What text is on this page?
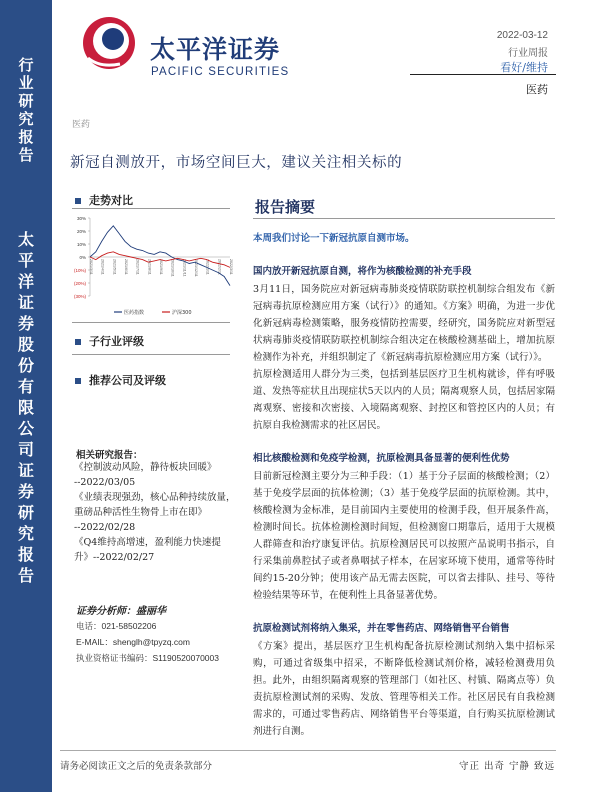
行
业
研
究
报
告
太
平
洋
证
券
股
份
有
限
公
司
证
券
研
究
报
告
太平洋证券
PACIFIC SECURITIES
2022-03-12
行业周报
看好/维持
医药
医药
新冠自测放开，市场空间巨大，建议关注相关标的
走势对比
30%
20%
10%
0%
(10%)
(20%)
(30%)
2021/3/11 2021/4/11 2021/5/11 2021/6/11 2021/7/11 2021/8/11 2021/9/11 2021/10/11 2021/11/11 2021/12/11 2022/1/11 2022/2/11 2022/3/11
医药指数	沪深300
子行业评级
推荐公司及评级
相关研究报告：
《控制波动风险，静待板块回暖》
--2022/03/05
《业绩表现强劲，核心品种持续放量，重磅品种活性生物骨上市在即》
--2022/02/28
《Q4维持高增速，盈利能力快速提升》--2022/02/27
证券分析师：盛丽华
电话：021-58502206
E-MAIL：shenglh@tpyzq.com
执业资格证书编码：S1190520070003
报告摘要
本周我们讨论一下新冠抗原自测市场。
国内放开新冠抗原自测，将作为核酸检测的补充手段

3月11日，国务院应对新冠病毒肺炎疫情联防联控机制综合组发布《新冠病毒抗原检测应用方案（试行）》的通知。《方案》明确，为进一步优化新冠病毒检测策略，服务疫情防控需要，经研究，国务院应对新型冠状病毒肺炎疫情联防联控机制综合组决定在核酸检测基础上，增加抗原检测作为补充，并组织制定了《新冠病毒抗原检测应用方案（试行）》。

抗原检测适用人群分为三类，包括到基层医疗卫生机构就诊，伴有呼吸道、发热等症状且出现症状5天以内的人员；隔离观察人员，包括居家隔离观察、密接和次密接、入境隔离观察、封控区和管控区内的人员；有抗原自我检测需求的社区居民。

相比核酸检测和免疫学检测，抗原检测具备显著的便利性优势

目前新冠检测主要分为三种手段：（1）基于分子层面的核酸检测；（2）基于免疫学层面的抗体检测；（3）基于免疫学层面的抗原检测。其中，核酸检测为金标准，是目前国内主要使用的检测手段，但开展条件高，检测时间长。抗体检测检测时间短，但检测窗口期靠后，适用于大规模人群筛查和治疗康复评估。抗原检测居民可以按照产品说明书指示，自行采集前鼻腔拭子或者鼻咽拭子样本，在居家环境下使用，通常等待时间约15-20分钟；使用该产品无需去医院，可以省去排队、挂号、等待检验结果等环节，在便利性上具备显著优势。

抗原检测试剂将纳入集采，并在零售药店、网络销售平台销售

《方案》提出，基层医疗卫生机构配备抗原检测试剂纳入集中招标采购，可通过省级集中招采，不断降低检测试剂价格，减轻检测费用负担。此外，由组织隔离观察的管理部门（如社区、村镇、隔离点等）负责抗原检测试剂的采购、发放、管理等相关工作。社区居民有自我检测需求的，可通过零售药店、网络销售平台等渠道，自行购买抗原检测试剂进行自测。

请务必阅读正文之后的免责条款部分	守正 出奇 宁静 致远
